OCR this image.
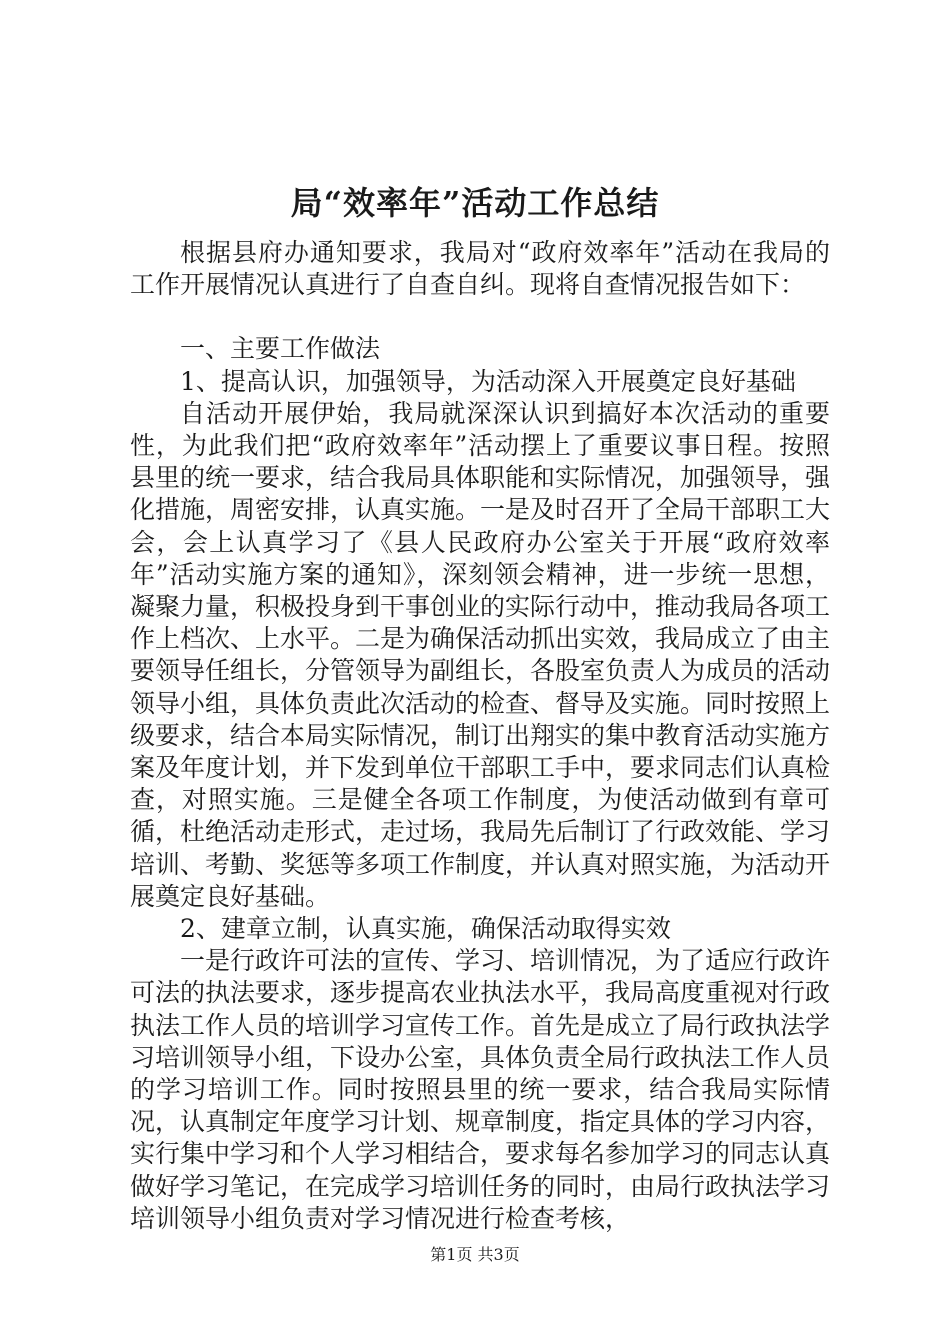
局“效率年”活动工作总结

根据县府办通知要求，我局对“政府效率年”活动在我局的工作开展情况认真进行了自查自纠。现将自查情况报告如下：

一、主要工作做法

1、提高认识，加强领导，为活动深入开展奠定良好基础

自活动开展伊始，我局就深深认识到搞好本次活动的重要性，为此我们把“政府效率年”活动摆上了重要议事日程。按照县里的统一要求，结合我局具体职能和实际情况，加强领导，强化措施，周密安排，认真实施。一是及时召开了全局干部职工大会，会上认真学习了《县人民政府办公室关于开展“政府效率年”活动实施方案的通知》，深刻领会精神，进一步统一思想，凝聚力量，积极投身到干事创业的实际行动中，推动我局各项工作上档次、上水平。二是为确保活动抓出实效，我局成立了由主要领导任组长，分管领导为副组长，各股室负责人为成员的活动领导小组，具体负责此次活动的检查、督导及实施。同时按照上级要求，结合本局实际情况，制订出翔实的集中教育活动实施方案及年度计划，并下发到单位干部职工手中，要求同志们认真检查，对照实施。三是健全各项工作制度，为使活动做到有章可循，杜绝活动走形式，走过场，我局先后制订了行政效能、学习培训、考勤、奖惩等多项工作制度，并认真对照实施，为活动开展奠定良好基础。

2、建章立制，认真实施，确保活动取得实效

一是行政许可法的宣传、学习、培训情况，为了适应行政许可法的执法要求，逐步提高农业执法水平，我局高度重视对行政执法工作人员的培训学习宣传工作。首先是成立了局行政执法学习培训领导小组，下设办公室，具体负责全局行政执法工作人员的学习培训工作。同时按照县里的统一要求，结合我局实际情况，认真制定年度学习计划、规章制度，指定具体的学习内容，实行集中学习和个人学习相结合，要求每名参加学习的同志认真做好学习笔记，在完成学习培训任务的同时，由局行政执法学习培训领导小组负责对学习情况进行检查考核，

第1页 共3页
